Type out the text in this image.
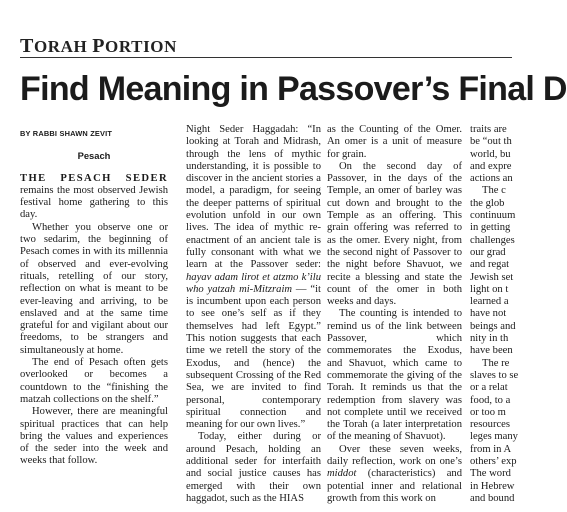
TORAH PORTION
Find Meaning in Passover’s Final D
BY RABBI SHAWN ZEVIT
Pesach

THE PESACH SEDER remains the most observed Jewish festival home gathering to this day.

Whether you observe one or two sedarim, the beginning of Pesach comes in with its millennia of observed and ever-evolving rituals, retelling of our story, reflection on what is meant to be ever-leaving and arriving, to be enslaved and at the same time grateful for and vigilant about our freedoms, to be strangers and simultaneously at home.

The end of Pesach often gets overlooked or becomes a countdown to the “finishing the matzah collections on the shelf.”

However, there are meaningful spiritual practices that can help bring the values and experiences of the seder into the week and weeks that follow.

Night Seder Haggadah: “In looking at Torah and Midrash, through the lens of mythic understanding, it is possible to discover in the ancient stories a model, a paradigm, for seeing the deeper patterns of spiritual evolution unfold in our own lives. The idea of mythic re-enactment of an ancient tale is fully consonant with what we learn at the Passover seder: hayav adam lirot et atzmo k’ilu who yatzah mi-Mitzraim — “it is incumbent upon each person to see one’s self as if they themselves had left Egypt.” This notion suggests that each time we retell the story of the Exodus, and (hence) the subsequent Crossing of the Red Sea, we are invited to find personal, contemporary spiritual connection and meaning for our own lives.”

Today, either during or around Pesach, holding an additional seder for interfaith and social justice causes has emerged with their own haggadot, such as the HIAS

as the Counting of the Omer. An omer is a unit of measure for grain.

On the second day of Passover, in the days of the Temple, an omer of barley was cut down and brought to the Temple as an offering. This grain offering was referred to as the omer. Every night, from the second night of Passover to the night before Shavuot, we recite a blessing and state the count of the omer in both weeks and days.

The counting is intended to remind us of the link between Passover, which commemorates the Exodus, and Shavuot, which came to commemorate the giving of the Torah. It reminds us that the redemption from slavery was not complete until we received the Torah (a later interpretation of the meaning of Shavuot).

Over these seven weeks, daily reflection, work on one’s middot (characteristics) and potential inner and relational growth from this work on

traits are
be “out th
world, bu
and expre
actions an
The c
the glob
continuum
in getting
challenges
our grad
and regat
Jewish set
light on t
learned a
have not
beings and
nity in th
have been
The re
slaves to se
or a relat
food, to a
or too m
resources
leges many
from in A
others’ exp
The word
in Hebrew
and bound
